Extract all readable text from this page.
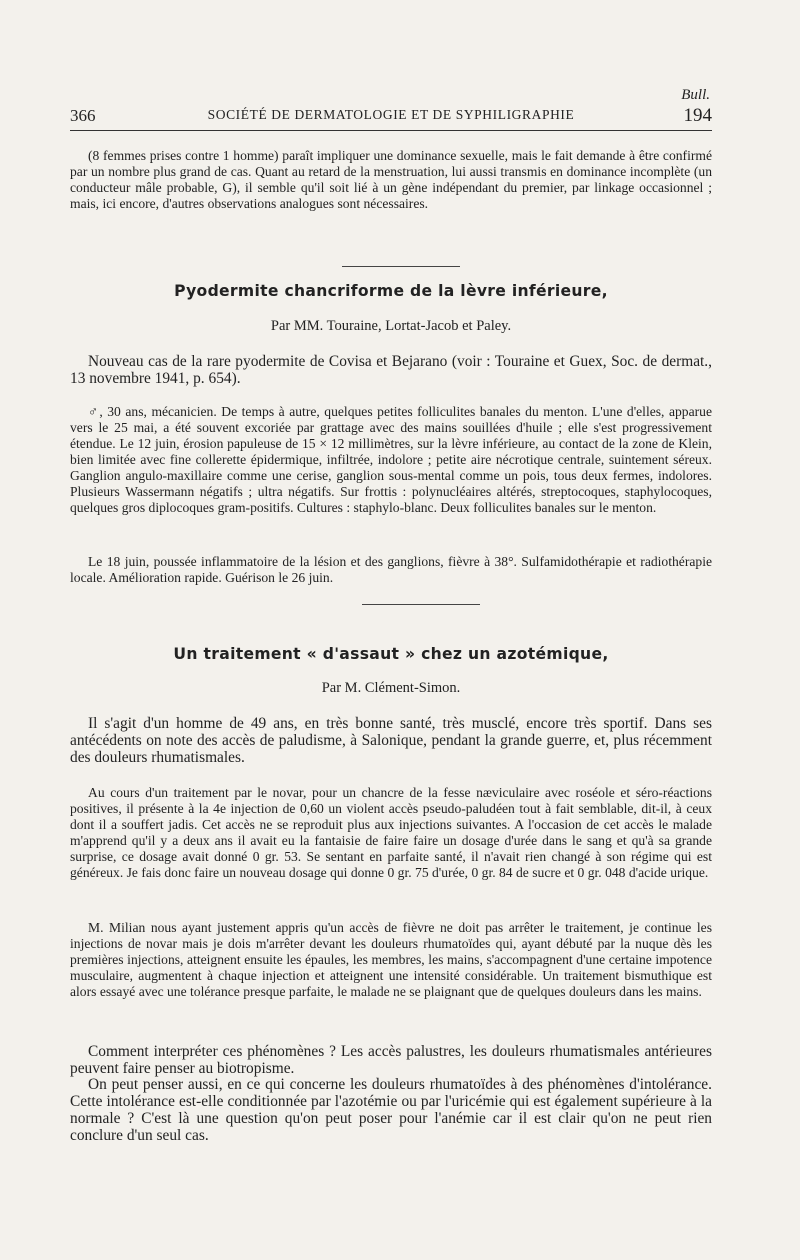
Bull.
366	SOCIÉTÉ DE DERMATOLOGIE ET DE SYPHILIGRAPHIE	194

(8 femmes prises contre 1 homme) paraît impliquer une dominance sexuelle, mais le fait demande à être confirmé par un nombre plus grand de cas. Quant au retard de la menstruation, lui aussi transmis en dominance incomplète (un conducteur mâle probable, G), il semble qu'il soit lié à un gène indépendant du premier, par linkage occasionnel ; mais, ici encore, d'autres observations analogues sont nécessaires.

Pyodermite chancriforme de la lèvre inférieure,

Par MM. Touraine, Lortat-Jacob et Paley.

Nouveau cas de la rare pyodermite de Covisa et Bejarano (voir : Touraine et Guex, Soc. de dermat., 13 novembre 1941, p. 654).

♂, 30 ans, mécanicien. De temps à autre, quelques petites folliculites banales du menton. L'une d'elles, apparue vers le 25 mai, a été souvent excoriée par grattage avec des mains souillées d'huile ; elle s'est progressivement étendue. Le 12 juin, érosion papuleuse de 15 × 12 millimètres, sur la lèvre inférieure, au contact de la zone de Klein, bien limitée avec fine collerette épidermique, infiltrée, indolore ; petite aire nécrotique centrale, suintement séreux. Ganglion angulo-maxillaire comme une cerise, ganglion sous-mental comme un pois, tous deux fermes, indolores. Plusieurs Wassermann négatifs ; ultra négatifs. Sur frottis : polynucléaires altérés, streptocoques, staphylocoques, quelques gros diplocoques gram-positifs. Cultures : staphylo-blanc. Deux folliculites banales sur le menton.

Le 18 juin, poussée inflammatoire de la lésion et des ganglions, fièvre à 38°. Sulfamidothérapie et radiothérapie locale. Amélioration rapide. Guérison le 26 juin.

Un traitement « d'assaut » chez un azotémique,

Par M. Clément-Simon.

Il s'agit d'un homme de 49 ans, en très bonne santé, très musclé, encore très sportif. Dans ses antécédents on note des accès de paludisme, à Salonique, pendant la grande guerre, et, plus récemment des douleurs rhumatismales.

Au cours d'un traitement par le novar, pour un chancre de la fesse næviculaire avec roséole et séro-réactions positives, il présente à la 4e injection de 0,60 un violent accès pseudo-paludéen tout à fait semblable, dit-il, à ceux dont il a souffert jadis. Cet accès ne se reproduit plus aux injections suivantes. A l'occasion de cet accès le malade m'apprend qu'il y a deux ans il avait eu la fantaisie de faire faire un dosage d'urée dans le sang et qu'à sa grande surprise, ce dosage avait donné 0 gr. 53. Se sentant en parfaite santé, il n'avait rien changé à son régime qui est généreux. Je fais donc faire un nouveau dosage qui donne 0 gr. 75 d'urée, 0 gr. 84 de sucre et 0 gr. 048 d'acide urique.

M. Milian nous ayant justement appris qu'un accès de fièvre ne doit pas arrêter le traitement, je continue les injections de novar mais je dois m'arrêter devant les douleurs rhumatoïdes qui, ayant débuté par la nuque dès les premières injections, atteignent ensuite les épaules, les membres, les mains, s'accompagnent d'une certaine impotence musculaire, augmentent à chaque injection et atteignent une intensité considérable. Un traitement bismuthique est alors essayé avec une tolérance presque parfaite, le malade ne se plaignant que de quelques douleurs dans les mains.

Comment interpréter ces phénomènes ? Les accès palustres, les douleurs rhumatismales antérieures peuvent faire penser au biotropisme.

On peut penser aussi, en ce qui concerne les douleurs rhumatoïdes à des phénomènes d'intolérance. Cette intolérance est-elle conditionnée par l'azotémie ou par l'uricémie qui est également supérieure à la normale ? C'est là une question qu'on peut poser pour l'anémie car il est clair qu'on ne peut rien conclure d'un seul cas.
